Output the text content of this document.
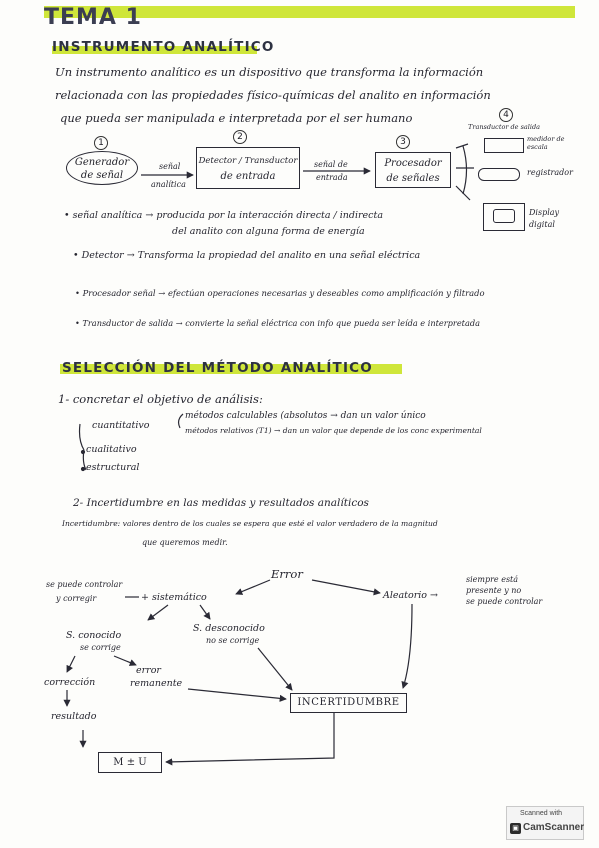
TEMA 1
INSTRUMENTO ANALÍTICO
Un instrumento analítico es un dispositivo que transforma la información
relacionada con las propiedades físico-químicas del analito en información
que pueda ser manipulada e interpretada por el ser humano
1
2	3
4
Generador
de señal
señal
analítica
Detector / Transductor
de entrada
señal de
entrada
Procesador
de señales
Transductor de salida
medidor de escala
registrador
Display digital
• señal analítica → producida por la interacción directa / indirecta
del analito con alguna forma de energía
• Detector → Transforma la propiedad del analito en una señal eléctrica
• Procesador señal → efectúan operaciones necesarias y deseables como amplificación y filtrado
• Transductor de salida → convierte la señal eléctrica con info que pueda ser leída e interpretada
SELECCIÓN DEL MÉTODO ANALÍTICO
1- concretar el objetivo de análisis:
cuantitativo
métodos calculables (absolutos → dan un valor único
métodos relativos (T1) → dan un valor que depende de los conc experimental
cualitativo
estructural
2- Incertidumbre en las medidas y resultados analíticos
Incertidumbre: valores dentro de los cuales se espera que esté el valor verdadero de la magnitud
que queremos medir.
Error
se puede controlar
y corregir	+ sistemático	Aleatorio →
siempre está
presente y no
se puede controlar
S. conocido
se corrige
S. desconocido
no se corrige
corrección
error
remanente
resultado
INCERTIDUMBRE
M ± U
Scanned with
▣ CamScanner
